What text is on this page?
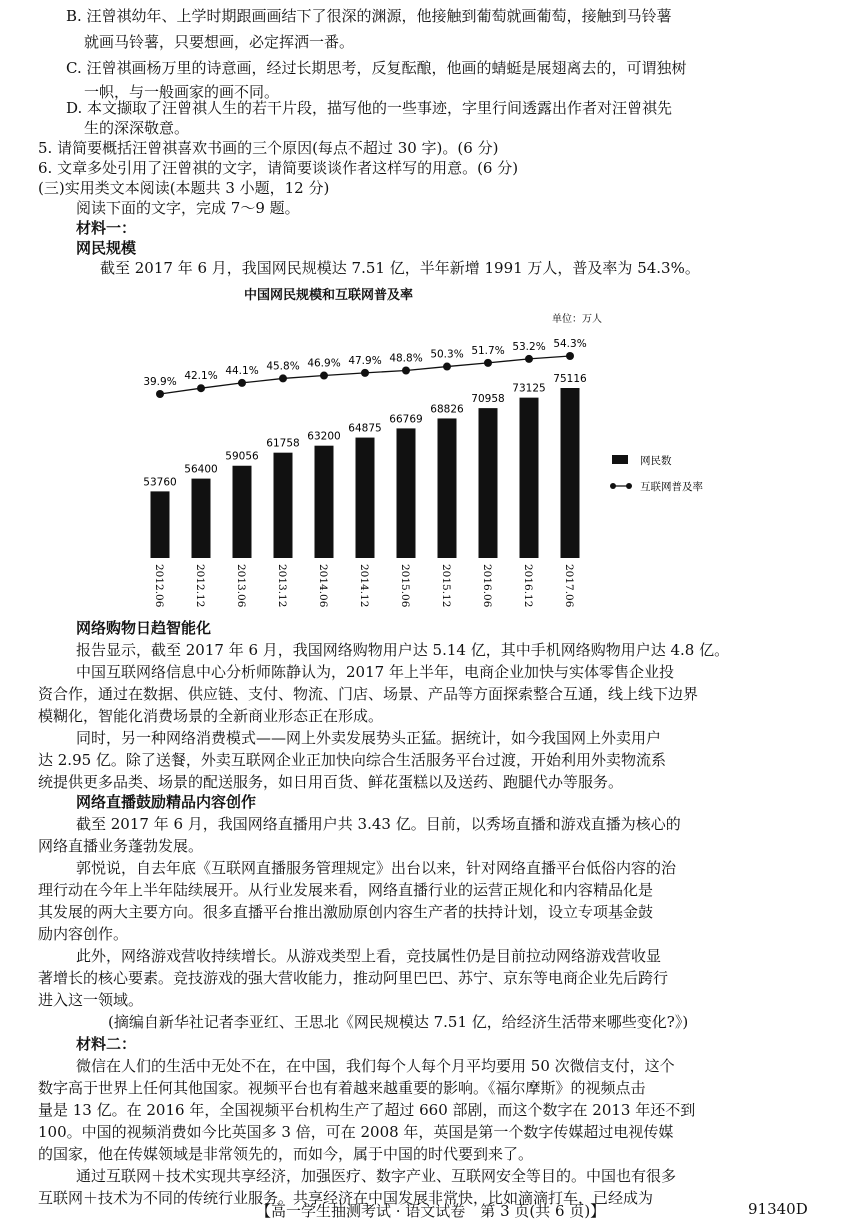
B. 汪曾祺幼年、上学时期跟画画结下了很深的渊源，他接触到葡萄就画葡萄，接触到马铃薯
就画马铃薯，只要想画，必定挥洒一番。
C. 汪曾祺画杨万里的诗意画，经过长期思考，反复酝酿，他画的蜻蜓是展翅离去的，可谓独树
一帜，与一般画家的画不同。
D. 本文撷取了汪曾祺人生的若干片段，描写他的一些事迹，字里行间透露出作者对汪曾祺先
生的深深敬意。
5. 请简要概括汪曾祺喜欢书画的三个原因(每点不超过 30 字)。(6 分)
6. 文章多处引用了汪曾祺的文字，请简要谈谈作者这样写的用意。(6 分)
(三)实用类文本阅读(本题共 3 小题，12 分)
阅读下面的文字，完成 7～9 题。
材料一：
网民规模
截至 2017 年 6 月，我国网民规模达 7.51 亿，半年新增 1991 万人，普及率为 54.3%。
中国网民规模和互联网普及率
单位：万人
53760
2012.06
56400
2012.12
59056
2013.06
61758
2013.12
63200
2014.06
64875
2014.12
66769
2015.06
68826
2015.12
70958
2016.06
73125
2016.12
75116
2017.06
39.9% 42.1% 44.1% 45.8% 46.9% 47.9% 48.8% 50.3% 51.7% 53.2% 54.3%
网民数
互联网普及率
网络购物日趋智能化
报告显示，截至 2017 年 6 月，我国网络购物用户达 5.14 亿，其中手机网络购物用户达 4.8 亿。
中国互联网络信息中心分析师陈静认为，2017 年上半年，电商企业加快与实体零售企业投
资合作，通过在数据、供应链、支付、物流、门店、场景、产品等方面探索整合互通，线上线下边界
模糊化，智能化消费场景的全新商业形态正在形成。
同时，另一种网络消费模式——网上外卖发展势头正猛。据统计，如今我国网上外卖用户
达 2.95 亿。除了送餐，外卖互联网企业正加快向综合生活服务平台过渡，开始利用外卖物流系
统提供更多品类、场景的配送服务，如日用百货、鲜花蛋糕以及送药、跑腿代办等服务。
网络直播鼓励精品内容创作
截至 2017 年 6 月，我国网络直播用户共 3.43 亿。目前，以秀场直播和游戏直播为核心的
网络直播业务蓬勃发展。
郭悦说，自去年底《互联网直播服务管理规定》出台以来，针对网络直播平台低俗内容的治
理行动在今年上半年陆续展开。从行业发展来看，网络直播行业的运营正规化和内容精品化是
其发展的两大主要方向。很多直播平台推出激励原创内容生产者的扶持计划，设立专项基金鼓
励内容创作。
此外，网络游戏营收持续增长。从游戏类型上看，竞技属性仍是目前拉动网络游戏营收显
著增长的核心要素。竞技游戏的强大营收能力，推动阿里巴巴、苏宁、京东等电商企业先后跨行
进入这一领域。
(摘编自新华社记者李亚红、王思北《网民规模达 7.51 亿，给经济生活带来哪些变化?》)
材料二：
微信在人们的生活中无处不在，在中国，我们每个人每个月平均要用 50 次微信支付，这个
数字高于世界上任何其他国家。视频平台也有着越来越重要的影响。《福尔摩斯》的视频点击
量是 13 亿。在 2016 年，全国视频平台机构生产了超过 660 部剧，而这个数字在 2013 年还不到
100。中国的视频消费如今比英国多 3 倍，可在 2008 年，英国是第一个数字传媒超过电视传媒
的国家，他在传媒领域是非常领先的，而如今，属于中国的时代要到来了。
通过互联网＋技术实现共享经济，加强医疗、数字产业、互联网安全等目的。中国也有很多
互联网＋技术为不同的传统行业服务。共享经济在中国发展非常快，比如滴滴打车，已经成为
【高一学生抽测考试 · 语文试卷　第 3 页(共 6 页)】	91340D
